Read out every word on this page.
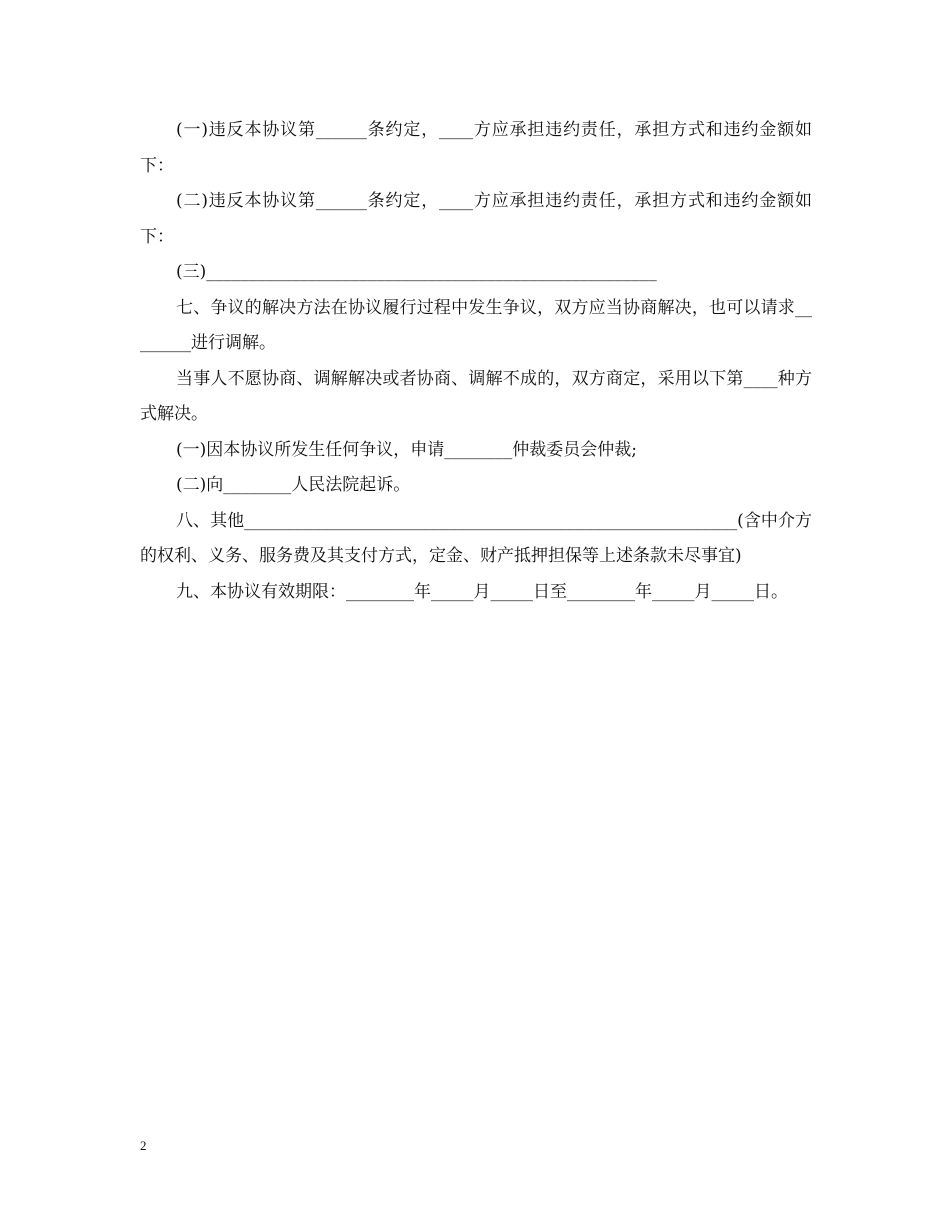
(一)违反本协议第______条约定，____方应承担违约责任，承担方式和违约金额如下：

(二)违反本协议第______条约定，____方应承担违约责任，承担方式和违约金额如下：

(三)_____________________________________________________

七、争议的解决方法在协议履行过程中发生争议，双方应当协商解决，也可以请求________进行调解。

当事人不愿协商、调解解决或者协商、调解不成的，双方商定，采用以下第____种方式解决。

(一)因本协议所发生任何争议，申请________仲裁委员会仲裁;

(二)向________人民法院起诉。

八、其他__________________________________________________________(含中介方的权利、义务、服务费及其支付方式，定金、财产抵押担保等上述条款未尽事宜)

九、本协议有效期限：________年_____月_____日至________年_____月_____日。

2
